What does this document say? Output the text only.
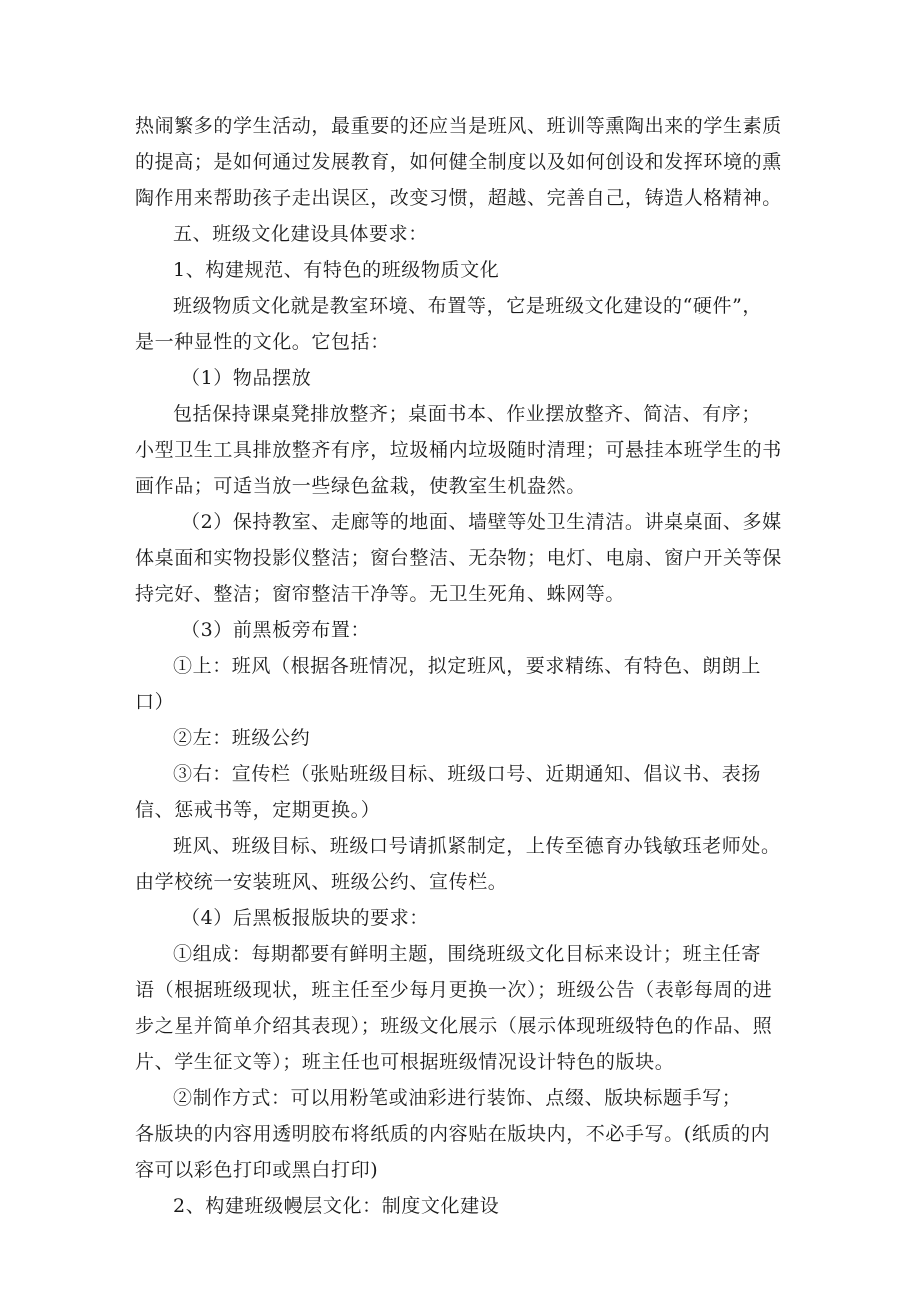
热闹繁多的学生活动，最重要的还应当是班风、班训等熏陶出来的学生素质
的提高；是如何通过发展教育，如何健全制度以及如何创设和发挥环境的熏
陶作用来帮助孩子走出误区，改变习惯，超越、完善自己，铸造人格精神。
五、班级文化建设具体要求：
1、构建规范、有特色的班级物质文化
班级物质文化就是教室环境、布置等，它是班级文化建设的“硬件”，
是一种显性的文化。它包括：
（1）物品摆放
包括保持课桌凳排放整齐；桌面书本、作业摆放整齐、简洁、有序；
小型卫生工具排放整齐有序，垃圾桶内垃圾随时清理；可悬挂本班学生的书
画作品；可适当放一些绿色盆栽，使教室生机盎然。
（2）保持教室、走廊等的地面、墙壁等处卫生清洁。讲桌桌面、多媒
体桌面和实物投影仪整洁；窗台整洁、无杂物；电灯、电扇、窗户开关等保
持完好、整洁；窗帘整洁干净等。无卫生死角、蛛网等。
（3）前黑板旁布置：
①上：班风（根据各班情况，拟定班风，要求精练、有特色、朗朗上
口）
②左：班级公约
③右：宣传栏（张贴班级目标、班级口号、近期通知、倡议书、表扬
信、惩戒书等，定期更换。）
班风、班级目标、班级口号请抓紧制定，上传至德育办钱敏珏老师处。
由学校统一安装班风、班级公约、宣传栏。
（4）后黑板报版块的要求：
①组成：每期都要有鲜明主题，围绕班级文化目标来设计；班主任寄
语（根据班级现状，班主任至少每月更换一次）；班级公告（表彰每周的进
步之星并简单介绍其表现）；班级文化展示（展示体现班级特色的作品、照
片、学生征文等）；班主任也可根据班级情况设计特色的版块。
②制作方式：可以用粉笔或油彩进行装饰、点缀、版块标题手写；
各版块的内容用透明胶布将纸质的内容贴在版块内，不必手写。(纸质的内
容可以彩色打印或黑白打印)
2、构建班级幔层文化：制度文化建设
